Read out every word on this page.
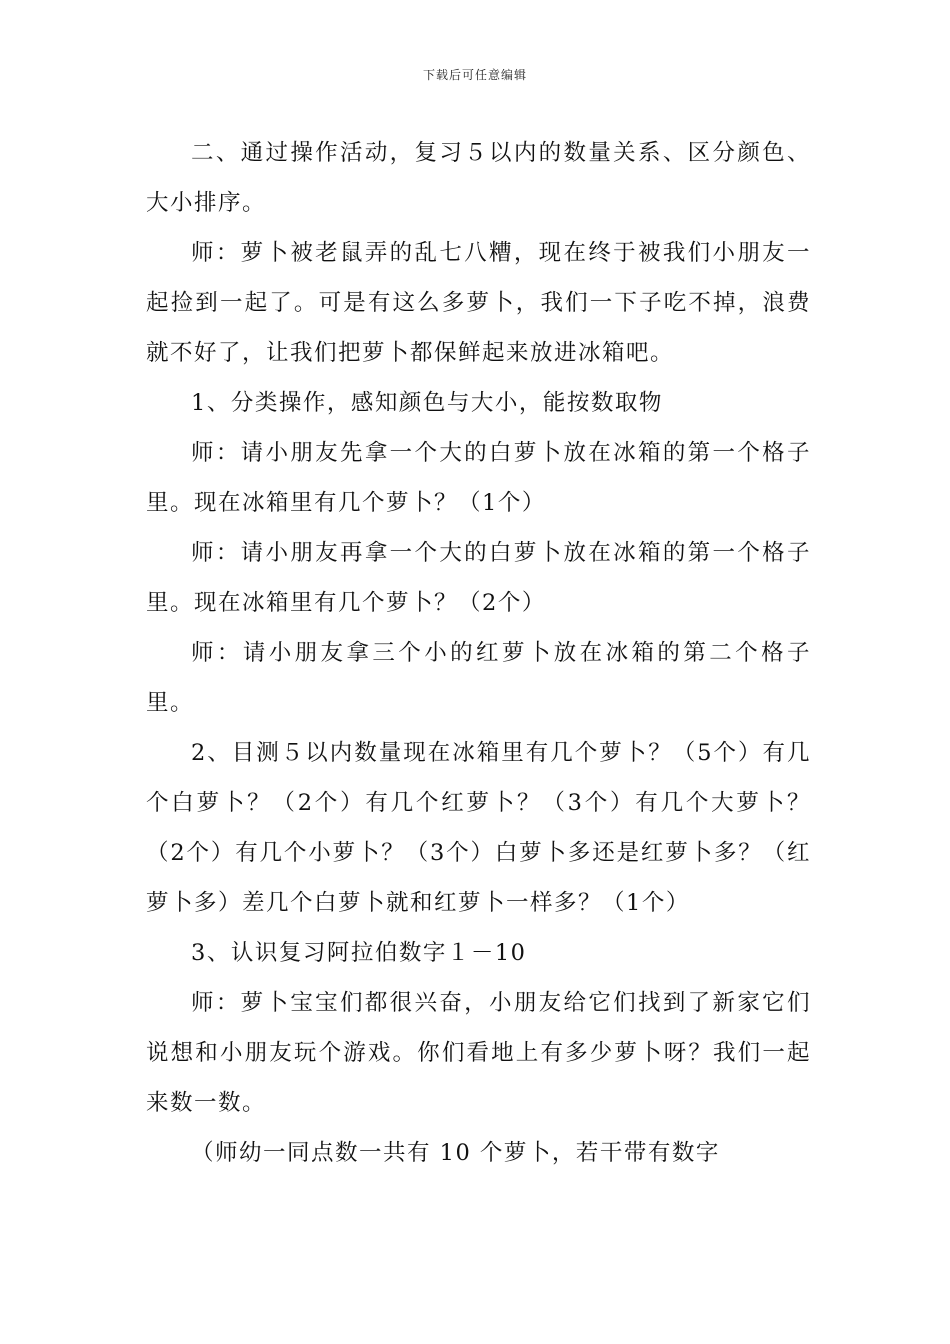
下载后可任意编辑

二、通过操作活动，复习５以内的数量关系、区分颜色、大小排序。

师：萝卜被老鼠弄的乱七八糟，现在终于被我们小朋友一起捡到一起了。可是有这么多萝卜，我们一下子吃不掉，浪费就不好了，让我们把萝卜都保鲜起来放进冰箱吧。

1、分类操作，感知颜色与大小，能按数取物

师：请小朋友先拿一个大的白萝卜放在冰箱的第一个格子里。现在冰箱里有几个萝卜？（1个）

师：请小朋友再拿一个大的白萝卜放在冰箱的第一个格子里。现在冰箱里有几个萝卜？（2个）

师：请小朋友拿三个小的红萝卜放在冰箱的第二个格子里。

2、目测５以内数量现在冰箱里有几个萝卜？（5个）有几个白萝卜？（2个）有几个红萝卜？（3个）有几个大萝卜？（2个）有几个小萝卜？（3个）白萝卜多还是红萝卜多？（红萝卜多）差几个白萝卜就和红萝卜一样多？（1个）

3、认识复习阿拉伯数字１－10

师：萝卜宝宝们都很兴奋，小朋友给它们找到了新家它们说想和小朋友玩个游戏。你们看地上有多少萝卜呀？我们一起来数一数。

（师幼一同点数一共有 10 个萝卜，若干带有数字
